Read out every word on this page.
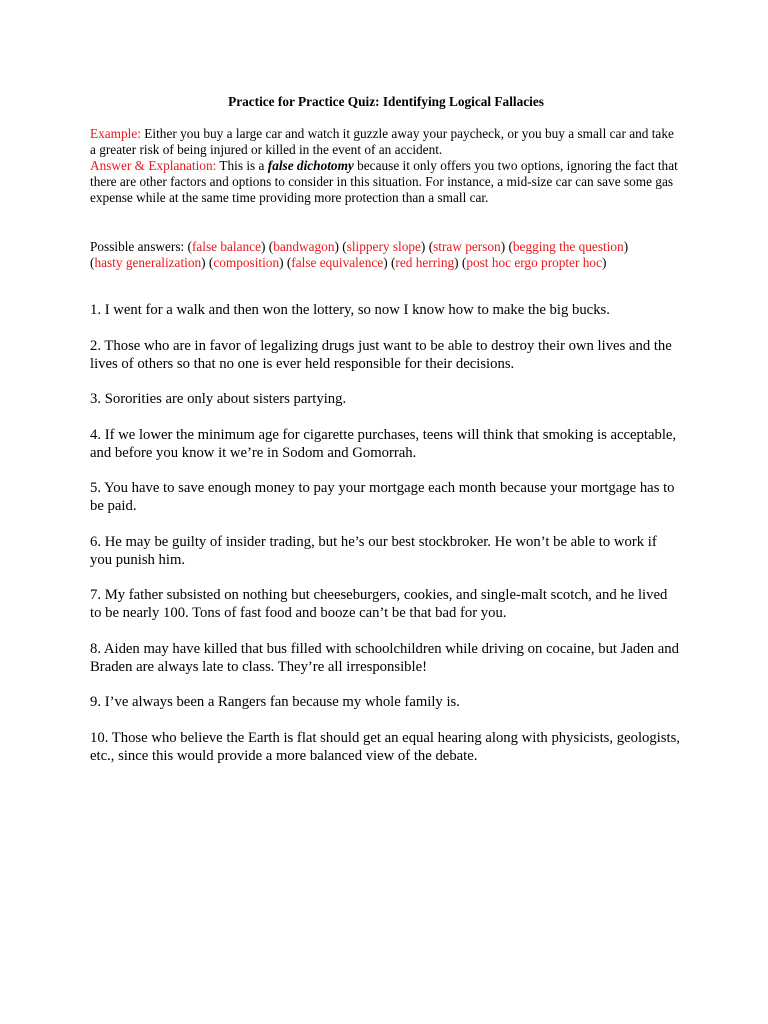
Practice for Practice Quiz: Identifying Logical Fallacies

Example: Either you buy a large car and watch it guzzle away your paycheck, or you buy a small car and take a greater risk of being injured or killed in the event of an accident.

Answer & Explanation: This is a false dichotomy because it only offers you two options, ignoring the fact that there are other factors and options to consider in this situation. For instance, a mid-size car can save some gas expense while at the same time providing more protection than a small car.

Possible answers: (false balance) (bandwagon) (slippery slope) (straw person) (begging the question)

(hasty generalization) (composition) (false equivalence) (red herring) (post hoc ergo propter hoc)

1. I went for a walk and then won the lottery, so now I know how to make the big bucks.

2. Those who are in favor of legalizing drugs just want to be able to destroy their own lives and the lives of others so that no one is ever held responsible for their decisions.

3. Sororities are only about sisters partying.

4. If we lower the minimum age for cigarette purchases, teens will think that smoking is acceptable, and before you know it we’re in Sodom and Gomorrah.

5. You have to save enough money to pay your mortgage each month because your mortgage has to be paid.

6. He may be guilty of insider trading, but he’s our best stockbroker. He won’t be able to work if you punish him.

7. My father subsisted on nothing but cheeseburgers, cookies, and single-malt scotch, and he lived to be nearly 100. Tons of fast food and booze can’t be that bad for you.

8. Aiden may have killed that bus filled with schoolchildren while driving on cocaine, but Jaden and Braden are always late to class. They’re all irresponsible!

9. I’ve always been a Rangers fan because my whole family is.

10. Those who believe the Earth is flat should get an equal hearing along with physicists, geologists, etc., since this would provide a more balanced view of the debate.
